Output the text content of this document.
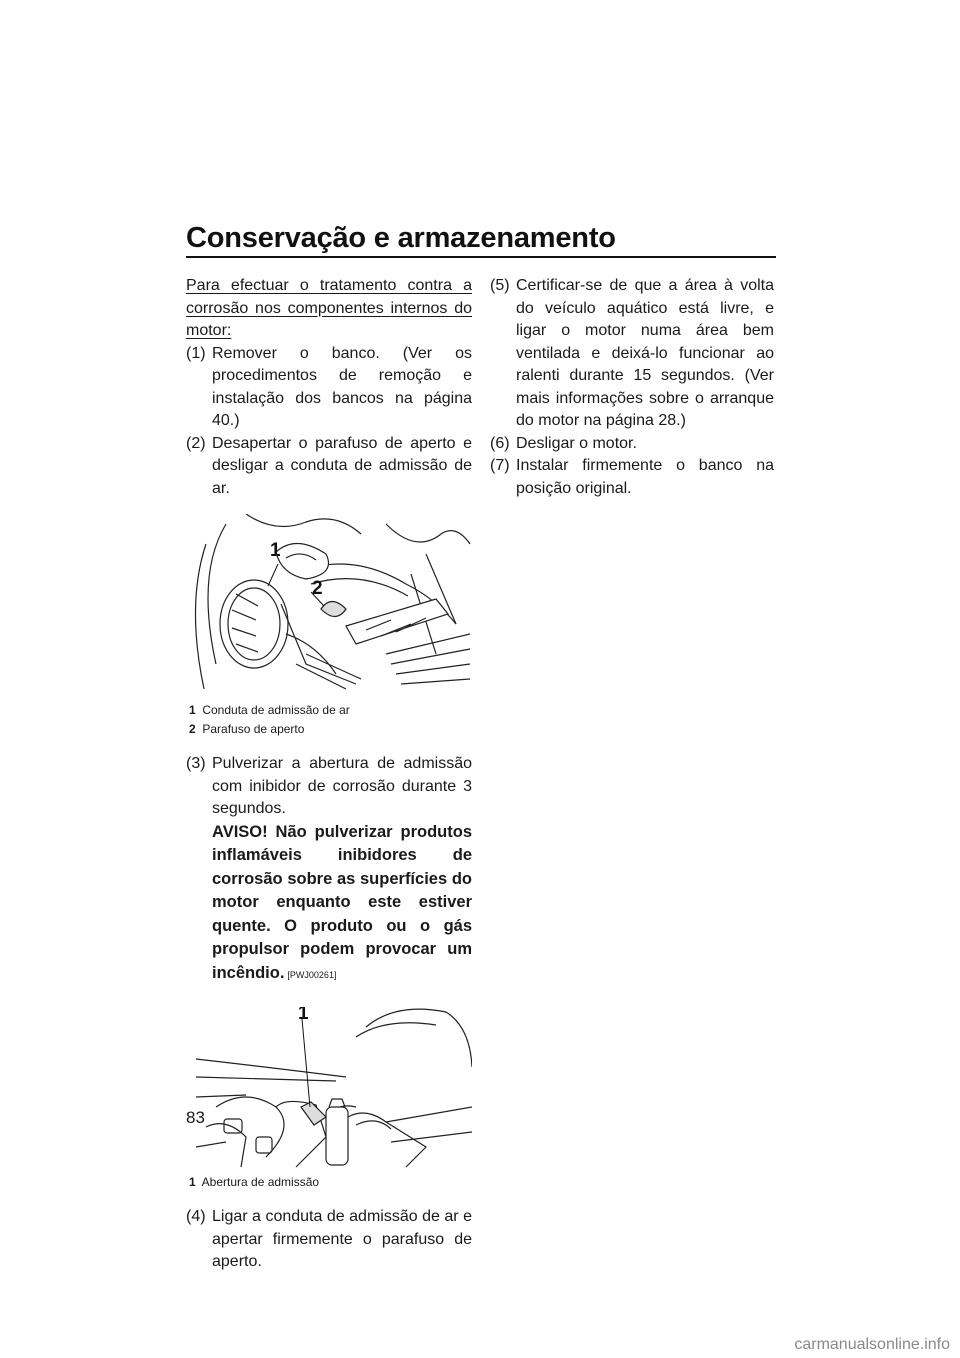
Conservação e armazenamento
Para efectuar o tratamento contra a corrosão nos componentes internos do motor:
(1) Remover o banco. (Ver os procedimentos de remoção e instalação dos bancos na página 40.)
(2) Desapertar o parafuso de aperto e desligar a conduta de admissão de ar.
1
2
1 Conduta de admissão de ar
2 Parafuso de aperto
(3) Pulverizar a abertura de admissão com inibidor de corrosão durante 3 segundos.
AVISO! Não pulverizar produtos inflamáveis inibidores de corrosão sobre as superfícies do motor enquanto este estiver quente. O produto ou o gás propulsor podem provocar um incêndio. [PWJ00261]
1
1 Abertura de admissão
(4) Ligar a conduta de admissão de ar e apertar firmemente o parafuso de aperto.
(5) Certificar-se de que a área à volta do veículo aquático está livre, e ligar o motor numa área bem ventilada e deixá-lo funcionar ao ralenti durante 15 segundos. (Ver mais informações sobre o arranque do motor na página 28.)
(6) Desligar o motor.
(7) Instalar firmemente o banco na posição original.
83
carmanualsonline.info
